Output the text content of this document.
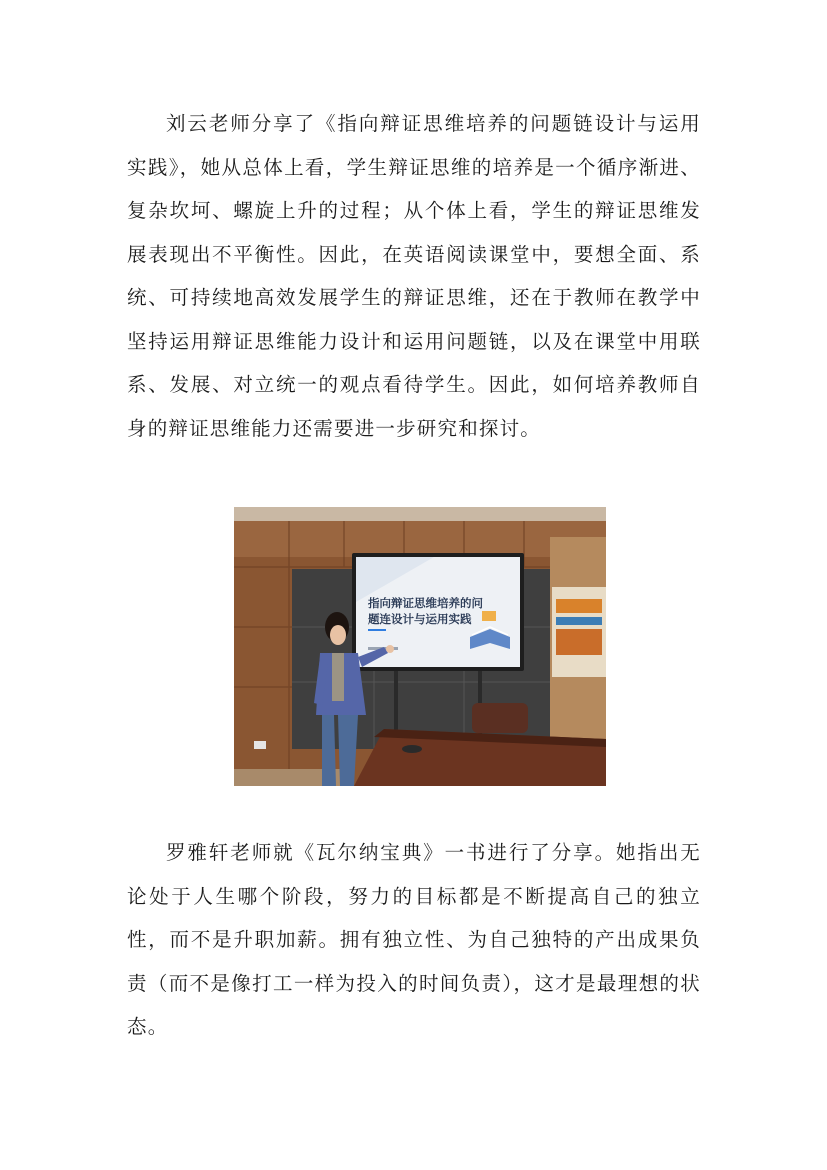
刘云老师分享了《指向辩证思维培养的问题链设计与运用实践》，她从总体上看，学生辩证思维的培养是一个循序渐进、复杂坎坷、螺旋上升的过程；从个体上看，学生的辩证思维发展表现出不平衡性。因此，在英语阅读课堂中，要想全面、系统、可持续地高效发展学生的辩证思维，还在于教师在教学中坚持运用辩证思维能力设计和运用问题链，以及在课堂中用联系、发展、对立统一的观点看待学生。因此，如何培养教师自身的辩证思维能力还需要进一步研究和探讨。

指向辩证思维培养的问
题连设计与运用实践

罗雅轩老师就《瓦尔纳宝典》一书进行了分享。她指出无论处于人生哪个阶段，努力的目标都是不断提高自己的独立性，而不是升职加薪。拥有独立性、为自己独特的产出成果负责（而不是像打工一样为投入的时间负责），这才是最理想的状态。
